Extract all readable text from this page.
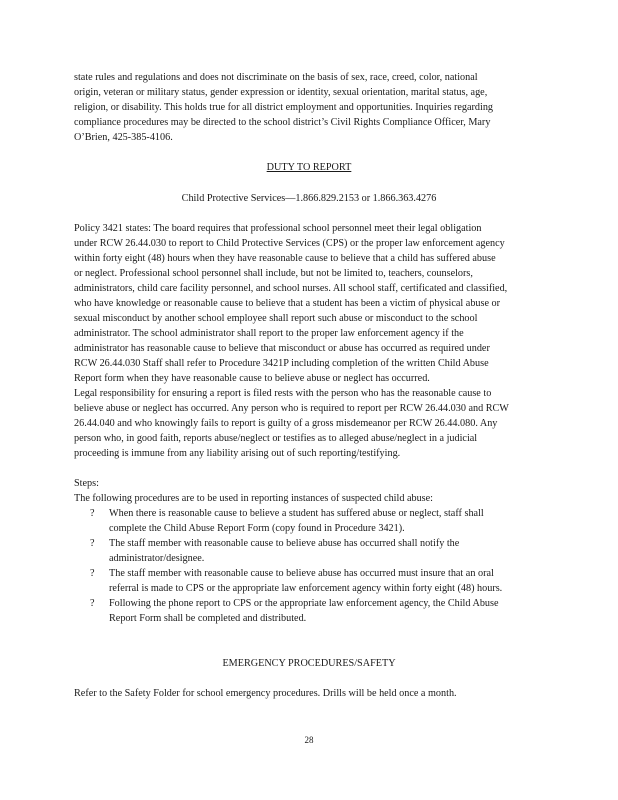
state rules and regulations and does not discriminate on the basis of sex, race, creed, color, national
origin, veteran or military status, gender expression or identity, sexual orientation, marital status, age,
religion, or disability. This holds true for all district employment and opportunities. Inquiries regarding
compliance procedures may be directed to the school district’s Civil Rights Compliance Officer, Mary
O’Brien, 425-385-4106.
DUTY TO REPORT
Child Protective Services—1.866.829.2153 or 1.866.363.4276
Policy 3421 states: The board requires that professional school personnel meet their legal obligation
under RCW 26.44.030 to report to Child Protective Services (CPS) or the proper law enforcement agency
within forty eight (48) hours when they have reasonable cause to believe that a child has suffered abuse
or neglect. Professional school personnel shall include, but not be limited to, teachers, counselors,
administrators, child care facility personnel, and school nurses. All school staff, certificated and classified,
who have knowledge or reasonable cause to believe that a student has been a victim of physical abuse or
sexual misconduct by another school employee shall report such abuse or misconduct to the school
administrator. The school administrator shall report to the proper law enforcement agency if the
administrator has reasonable cause to believe that misconduct or abuse has occurred as required under
RCW 26.44.030 Staff shall refer to Procedure 3421P including completion of the written Child Abuse
Report form when they have reasonable cause to believe abuse or neglect has occurred.
Legal responsibility for ensuring a report is filed rests with the person who has the reasonable cause to
believe abuse or neglect has occurred. Any person who is required to report per RCW 26.44.030 and RCW
26.44.040 and who knowingly fails to report is guilty of a gross misdemeanor per RCW 26.44.080. Any
person who, in good faith, reports abuse/neglect or testifies as to alleged abuse/neglect in a judicial
proceeding is immune from any liability arising out of such reporting/testifying.
Steps:
The following procedures are to be used in reporting instances of suspected child abuse:
? When there is reasonable cause to believe a student has suffered abuse or neglect, staff shall
complete the Child Abuse Report Form (copy found in Procedure 3421).
? The staff member with reasonable cause to believe abuse has occurred shall notify the
administrator/designee.
? The staff member with reasonable cause to believe abuse has occurred must insure that an oral
referral is made to CPS or the appropriate law enforcement agency within forty eight (48) hours.
? Following the phone report to CPS or the appropriate law enforcement agency, the Child Abuse
Report Form shall be completed and distributed.
EMERGENCY PROCEDURES/SAFETY
Refer to the Safety Folder for school emergency procedures. Drills will be held once a month.
28
